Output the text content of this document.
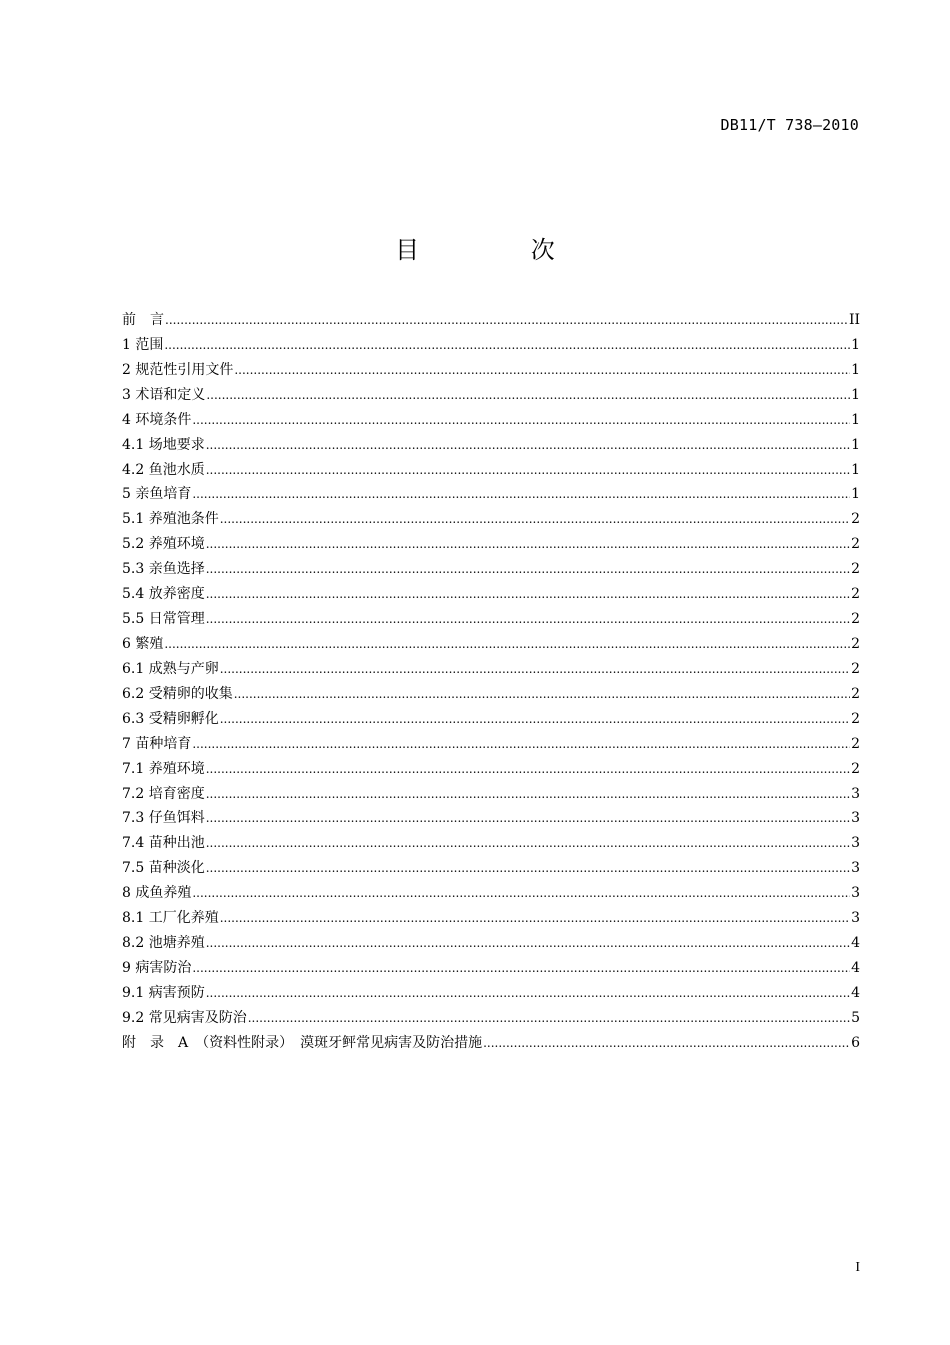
DB11/T 738—2010
目 次
前　言 .....	II
1 范围 .....	1
2 规范性引用文件 .....	1
3 术语和定义 .....	1
4 环境条件 .....	1
4.1 场地要求 .....	1
4.2 鱼池水质 .....	1
5 亲鱼培育 .....	1
5.1 养殖池条件 .....	2
5.2 养殖环境 .....	2
5.3 亲鱼选择 .....	2
5.4 放养密度 .....	2
5.5 日常管理 .....	2
6 繁殖 .....	2
6.1 成熟与产卵 .....	2
6.2 受精卵的收集 .....	2
6.3 受精卵孵化 .....	2
7 苗种培育 .....	2
7.1 养殖环境 .....	2
7.2 培育密度 .....	3
7.3 仔鱼饵料 .....	3
7.4 苗种出池 .....	3
7.5 苗种淡化 .....	3
8 成鱼养殖 .....	3
8.1 工厂化养殖 .....	3
8.2 池塘养殖 .....	4
9 病害防治 .....	4
9.1 病害预防 .....	4
9.2 常见病害及防治 .....	5
附　录　A　（资料性附录）　漠斑牙鲆常见病害及防治措施 .....	6
I
